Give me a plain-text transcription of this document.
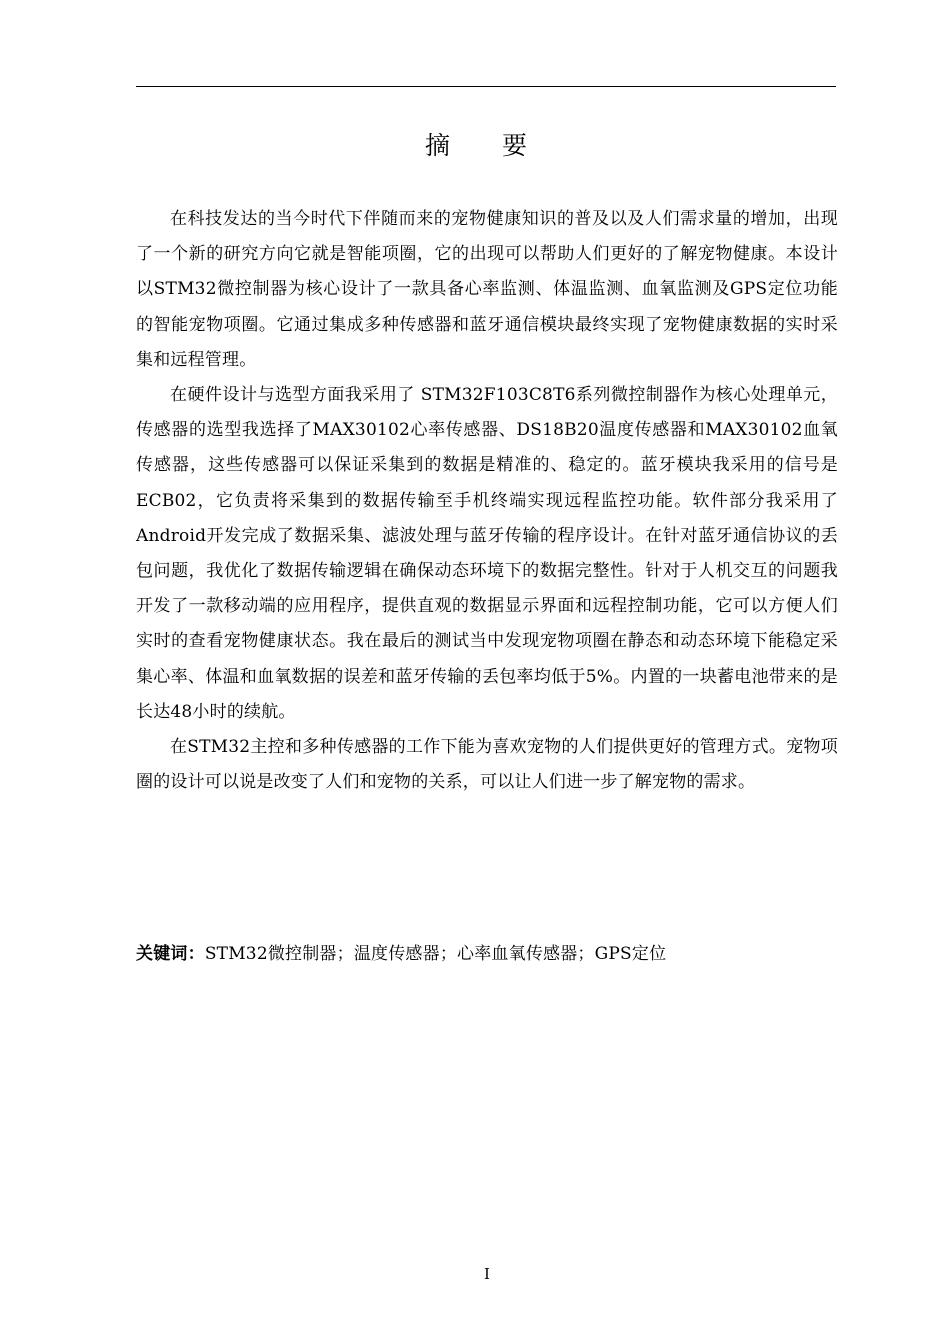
摘 要

在科技发达的当今时代下伴随而来的宠物健康知识的普及以及人们需求量的增加，出现了一个新的研究方向它就是智能项圈，它的出现可以帮助人们更好的了解宠物健康。本设计以STM32微控制器为核心设计了一款具备心率监测、体温监测、血氧监测及GPS定位功能的智能宠物项圈。它通过集成多种传感器和蓝牙通信模块最终实现了宠物健康数据的实时采集和远程管理。

在硬件设计与选型方面我采用了 STM32F103C8T6系列微控制器作为核心处理单元，传感器的选型我选择了MAX30102心率传感器、DS18B20温度传感器和MAX30102血氧传感器，这些传感器可以保证采集到的数据是精准的、稳定的。蓝牙模块我采用的信号是ECB02，它负责将采集到的数据传输至手机终端实现远程监控功能。软件部分我采用了Android开发完成了数据采集、滤波处理与蓝牙传输的程序设计。在针对蓝牙通信协议的丢包问题，我优化了数据传输逻辑在确保动态环境下的数据完整性。针对于人机交互的问题我开发了一款移动端的应用程序，提供直观的数据显示界面和远程控制功能，它可以方便人们实时的查看宠物健康状态。我在最后的测试当中发现宠物项圈在静态和动态环境下能稳定采集心率、体温和血氧数据的误差和蓝牙传输的丢包率均低于5%。内置的一块蓄电池带来的是长达48小时的续航。

在STM32主控和多种传感器的工作下能为喜欢宠物的人们提供更好的管理方式。宠物项圈的设计可以说是改变了人们和宠物的关系，可以让人们进一步了解宠物的需求。

关键词：STM32微控制器；温度传感器；心率血氧传感器；GPS定位
I
